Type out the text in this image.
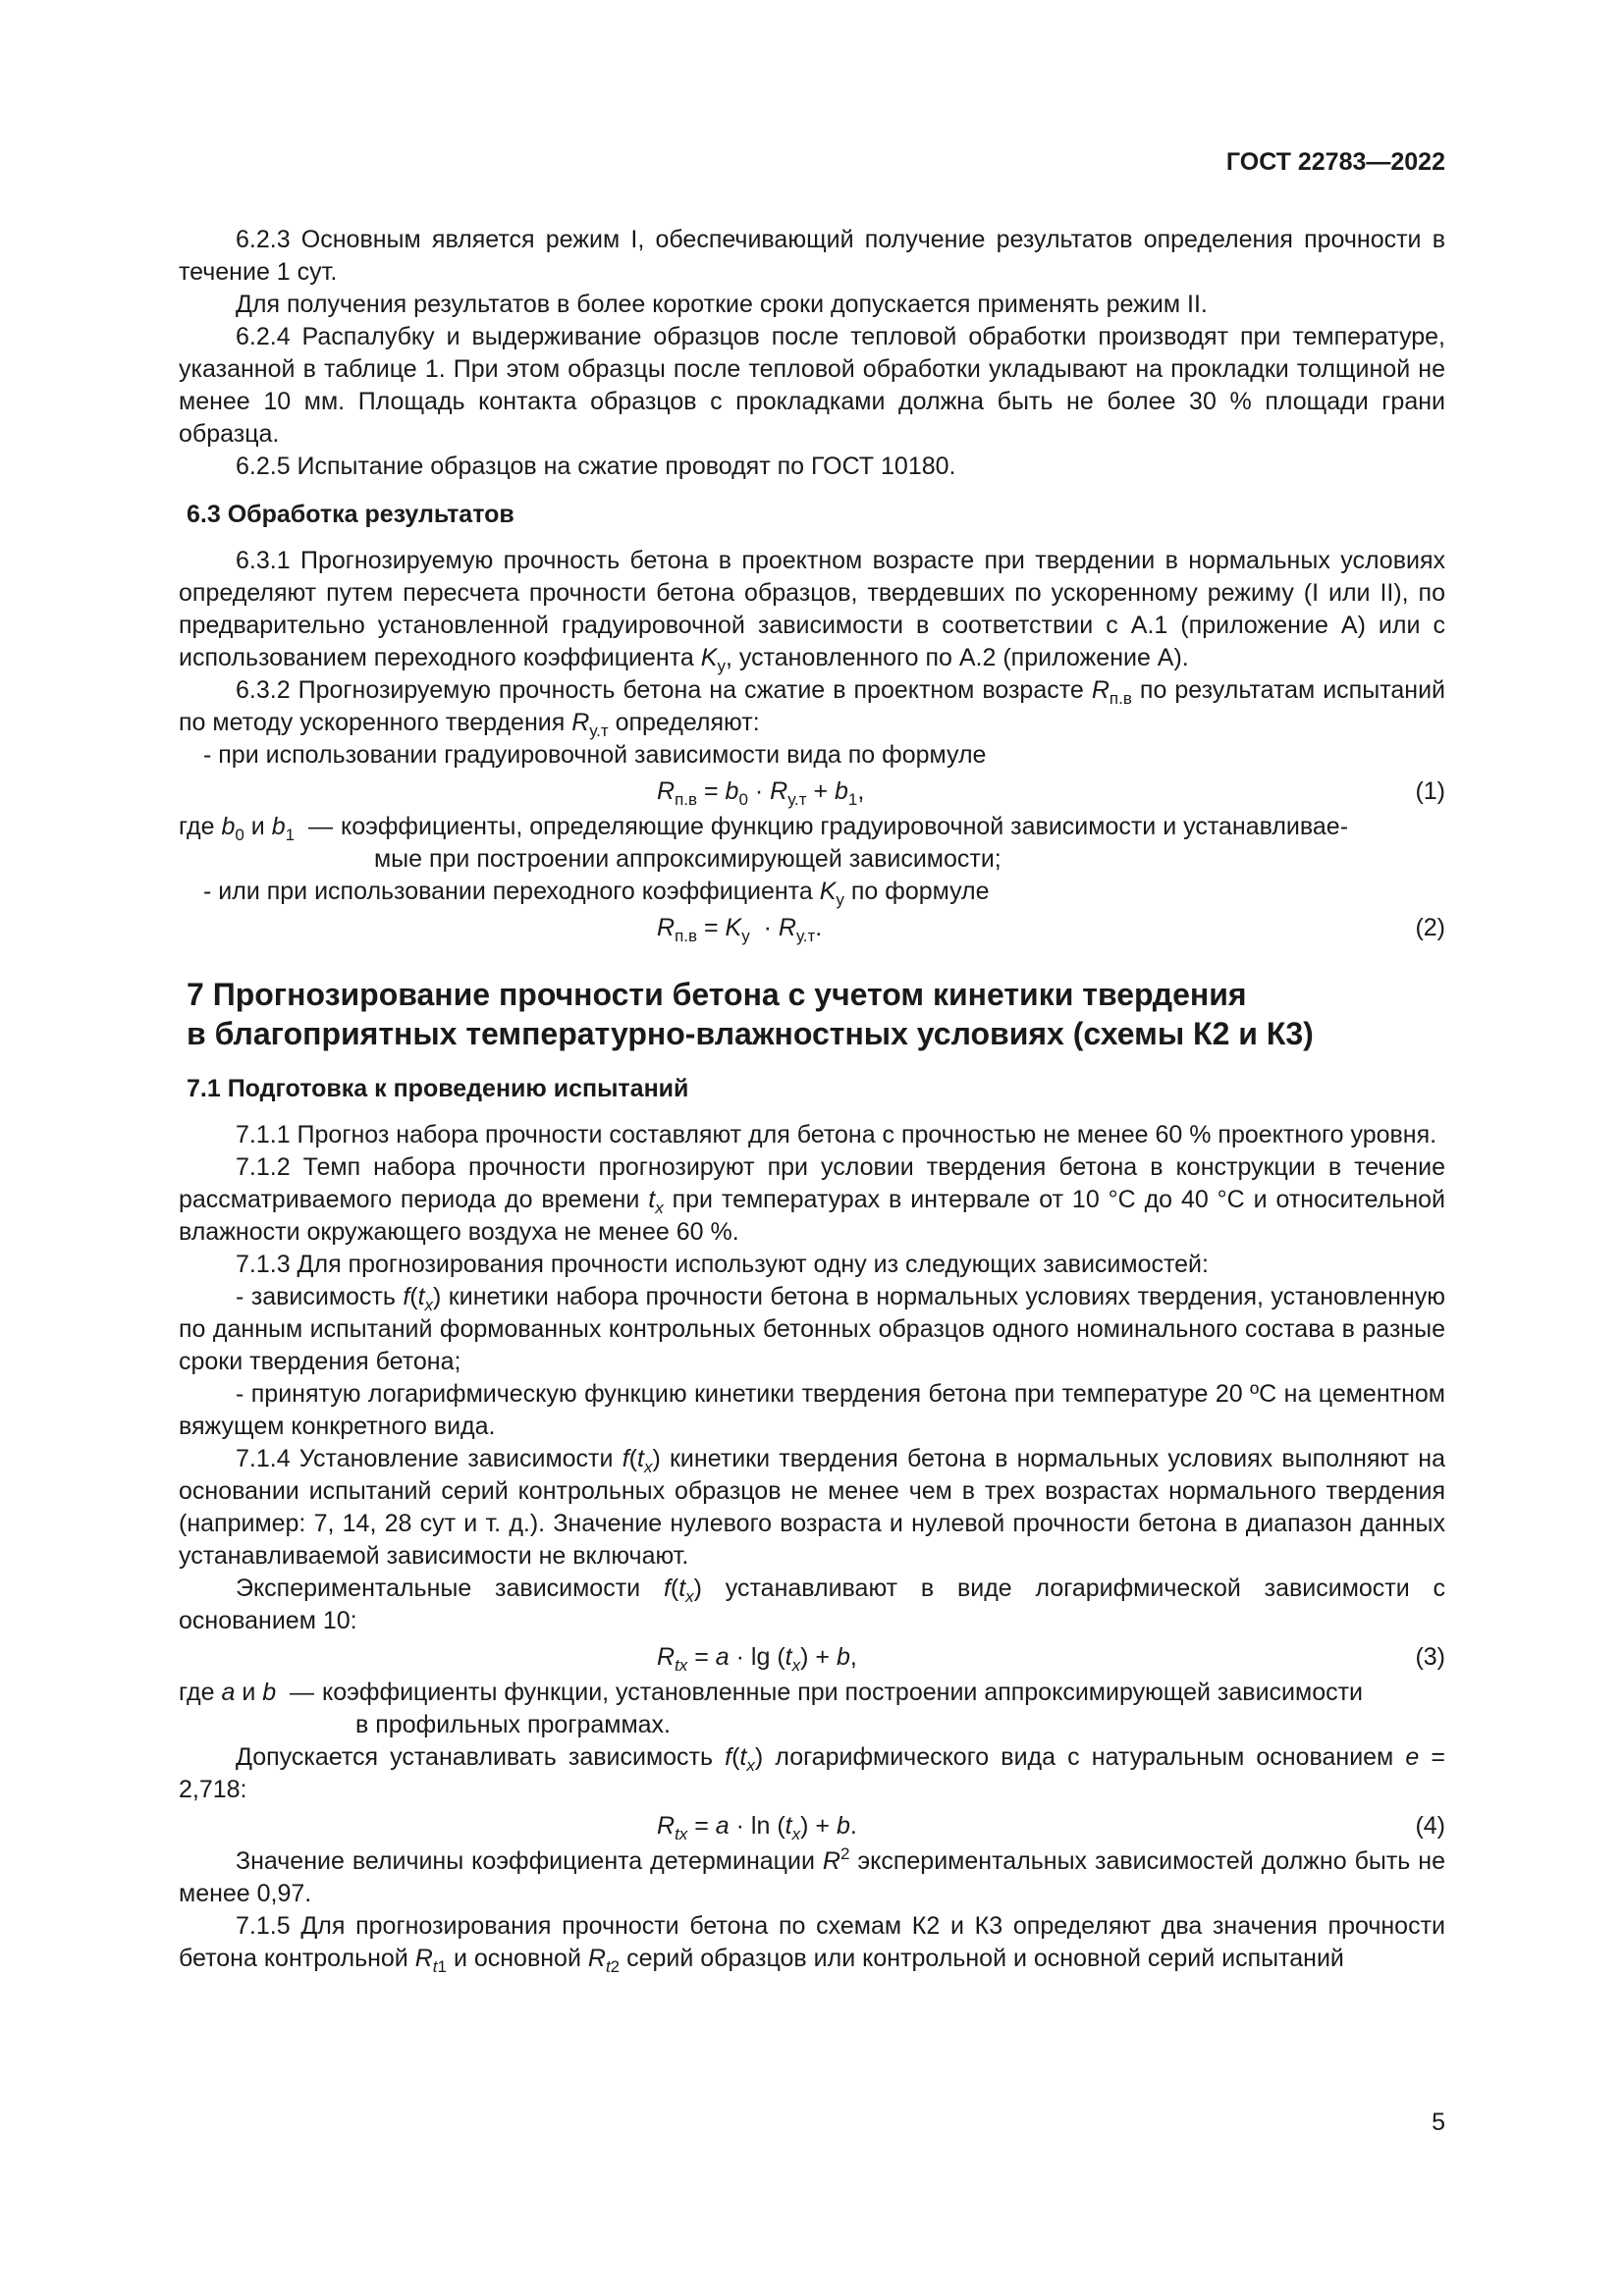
ГОСТ 22783—2022

6.2.3 Основным является режим I, обеспечивающий получение результатов определения прочности в течение 1 сут.

Для получения результатов в более короткие сроки допускается применять режим II.

6.2.4 Распалубку и выдерживание образцов после тепловой обработки производят при температуре, указанной в таблице 1. При этом образцы после тепловой обработки укладывают на прокладки толщиной не менее 10 мм. Площадь контакта образцов с прокладками должна быть не более 30 % площади грани образца.

6.2.5 Испытание образцов на сжатие проводят по ГОСТ 10180.

6.3 Обработка результатов

6.3.1 Прогнозируемую прочность бетона в проектном возрасте при твердении в нормальных условиях определяют путем пересчета прочности бетона образцов, твердевших по ускоренному режиму (I или II), по предварительно установленной градуировочной зависимости в соответствии с А.1 (приложение А) или с использованием переходного коэффициента $K_у$, установленного по А.2 (приложение А).

6.3.2 Прогнозируемую прочность бетона на сжатие в проектном возрасте $R_{п.в}$ по результатам испытаний по методу ускоренного твердения $R_{у.т}$ определяют:

- при использовании градуировочной зависимости вида по формуле

$R_{п.в} = b_0 \cdot R_{у.т} + b_1$,	(1)
где $b_0$ и $b_1$ — коэффициенты, определяющие функцию градуировочной зависимости и устанавливае-
мые при построении аппроксимирующей зависимости;

- или при использовании переходного коэффициента $K_у$ по формуле

$R_{п.в} = K_у \cdot R_{у.т}$.	(2)
7 Прогнозирование прочности бетона с учетом кинетики твердения
в благоприятных температурно-влажностных условиях (схемы К2 и К3)
7.1 Подготовка к проведению испытаний

7.1.1 Прогноз набора прочности составляют для бетона с прочностью не менее 60 % проектного уровня.

7.1.2 Темп набора прочности прогнозируют при условии твердения бетона в конструкции в течение рассматриваемого периода до времени $t_x$ при температурах в интервале от 10 °С до 40 °С и относительной влажности окружающего воздуха не менее 60 %.

7.1.3 Для прогнозирования прочности используют одну из следующих зависимостей:

- зависимость $f(t_x)$ кинетики набора прочности бетона в нормальных условиях твердения, установленную по данным испытаний формованных контрольных бетонных образцов одного номинального состава в разные сроки твердения бетона;

- принятую логарифмическую функцию кинетики твердения бетона при температуре 20 ºС на цементном вяжущем конкретного вида.

7.1.4 Установление зависимости $f(t_x)$ кинетики твердения бетона в нормальных условиях выполняют на основании испытаний серий контрольных образцов не менее чем в трех возрастах нормального твердения (например: 7, 14, 28 сут и т. д.). Значение нулевого возраста и нулевой прочности бетона в диапазон данных устанавливаемой зависимости не включают.

Экспериментальные зависимости $f(t_x)$ устанавливают в виде логарифмической зависимости с основанием 10:

$R_{tx} = a \cdot \lg (t_x) + b$,	(3)
где a и b — коэффициенты функции, установленные при построении аппроксимирующей зависимости
в профильных программах.

Допускается устанавливать зависимость $f(t_x)$ логарифмического вида с натуральным основанием e = 2,718:

$R_{tx} = a \cdot \ln (t_x) + b$.	(4)

Значение величины коэффициента детерминации $R^2$ экспериментальных зависимостей должно быть не менее 0,97.

7.1.5 Для прогнозирования прочности бетона по схемам К2 и К3 определяют два значения прочности бетона контрольной $R_{t1}$ и основной $R_{t2}$ серий образцов или контрольной и основной серий испытаний

5
